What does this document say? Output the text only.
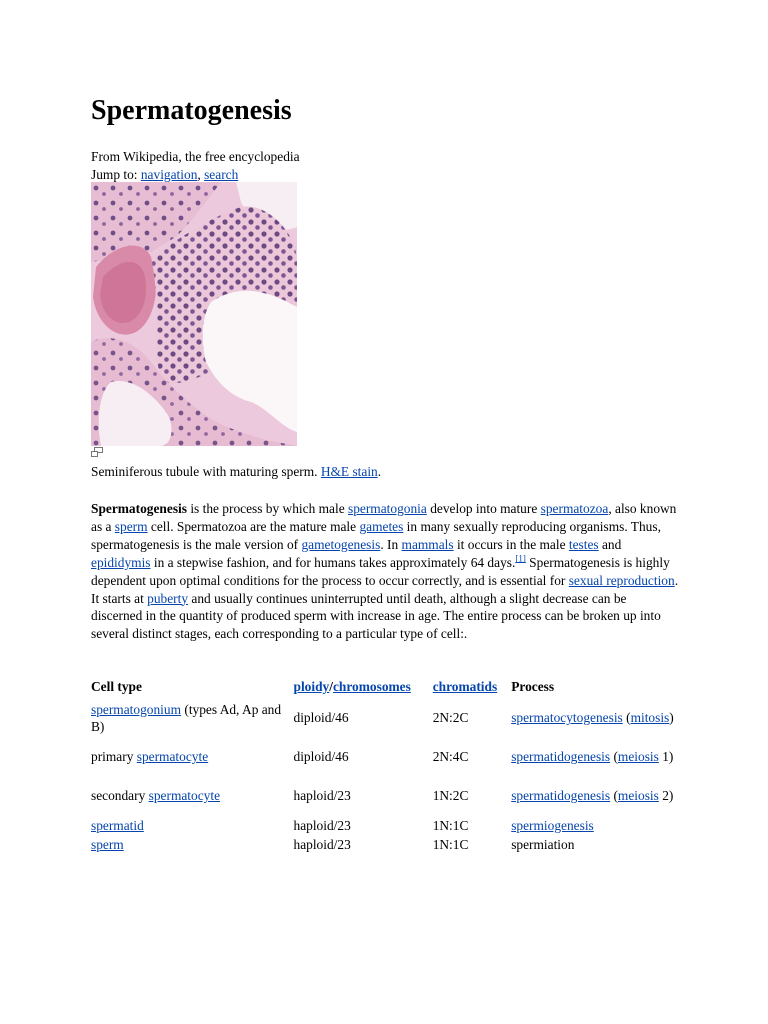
Spermatogenesis
From Wikipedia, the free encyclopedia
Jump to: navigation, search
Seminiferous tubule with maturing sperm. H&E stain.
Spermatogenesis is the process by which male spermatogonia develop into mature spermatozoa, also known as a sperm cell. Spermatozoa are the mature male gametes in many sexually reproducing organisms. Thus, spermatogenesis is the male version of gametogenesis. In mammals it occurs in the male testes and epididymis in a stepwise fashion, and for humans takes approximately 64 days.[1] Spermatogenesis is highly dependent upon optimal conditions for the process to occur correctly, and is essential for sexual reproduction. It starts at puberty and usually continues uninterrupted until death, although a slight decrease can be discerned in the quantity of produced sperm with increase in age. The entire process can be broken up into several distinct stages, each corresponding to a particular type of cell:.
Cell type	ploidy/chromosomes	chromatids	Process
spermatogonium (types Ad, Ap and B)	diploid/46	2N:2C	spermatocytogenesis (mitosis)
primary spermatocyte	diploid/46	2N:4C	spermatidogenesis (meiosis 1)
secondary spermatocyte	haploid/23	1N:2C	spermatidogenesis (meiosis 2)
spermatid	haploid/23	1N:1C	spermiogenesis
sperm	haploid/23	1N:1C	spermiation
